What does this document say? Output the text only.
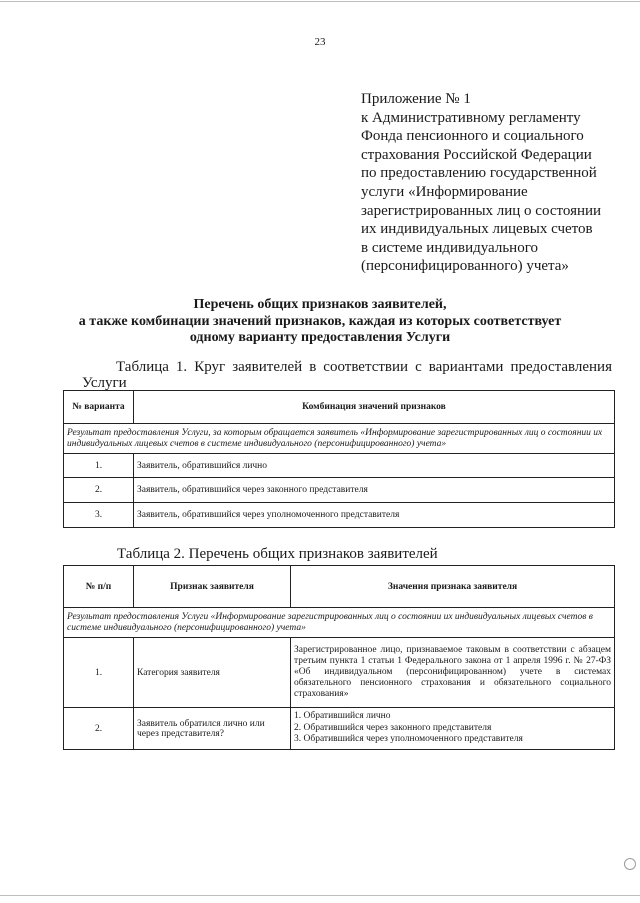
23
Приложение № 1
к Административному регламенту
Фонда пенсионного и социального
страхования Российской Федерации
по предоставлению государственной
услуги «Информирование
зарегистрированных лиц о состоянии
их индивидуальных лицевых счетов
в системе индивидуального
(персонифицированного) учета»
Перечень общих признаков заявителей,
а также комбинации значений признаков, каждая из которых соответствует
одному варианту предоставления Услуги
Таблица 1. Круг заявителей в соответствии с вариантами предоставления
Услуги
№ варианта	Комбинация значений признаков
Результат предоставления Услуги, за которым обращается заявитель «Информирование зарегистрированных лиц о состоянии их индивидуальных лицевых счетов в системе индивидуального (персонифицированного) учета»	
1.	Заявитель, обратившийся лично
2.	Заявитель, обратившийся через законного представителя
3.	Заявитель, обратившийся через уполномоченного представителя
Таблица 2. Перечень общих признаков заявителей
№ п/п	Признак заявителя	Значения признака заявителя
Результат предоставления Услуги «Информирование зарегистрированных лиц о состоянии их индивидуальных лицевых счетов в системе индивидуального (персонифицированного) учета»		
1.	Категория заявителя	Зарегистрированное лицо, признаваемое таковым в соответствии с абзацем третьим пункта 1 статьи 1 Федерального закона от 1 апреля 1996 г. № 27-ФЗ «Об индивидуальном (персонифицированном) учете в системах обязательного пенсионного страхования и обязательного социального страхования»
2.	Заявитель обратился лично или через представителя?	1. Обратившийся лично
2. Обратившийся через законного представителя
3. Обратившийся через уполномоченного представителя
